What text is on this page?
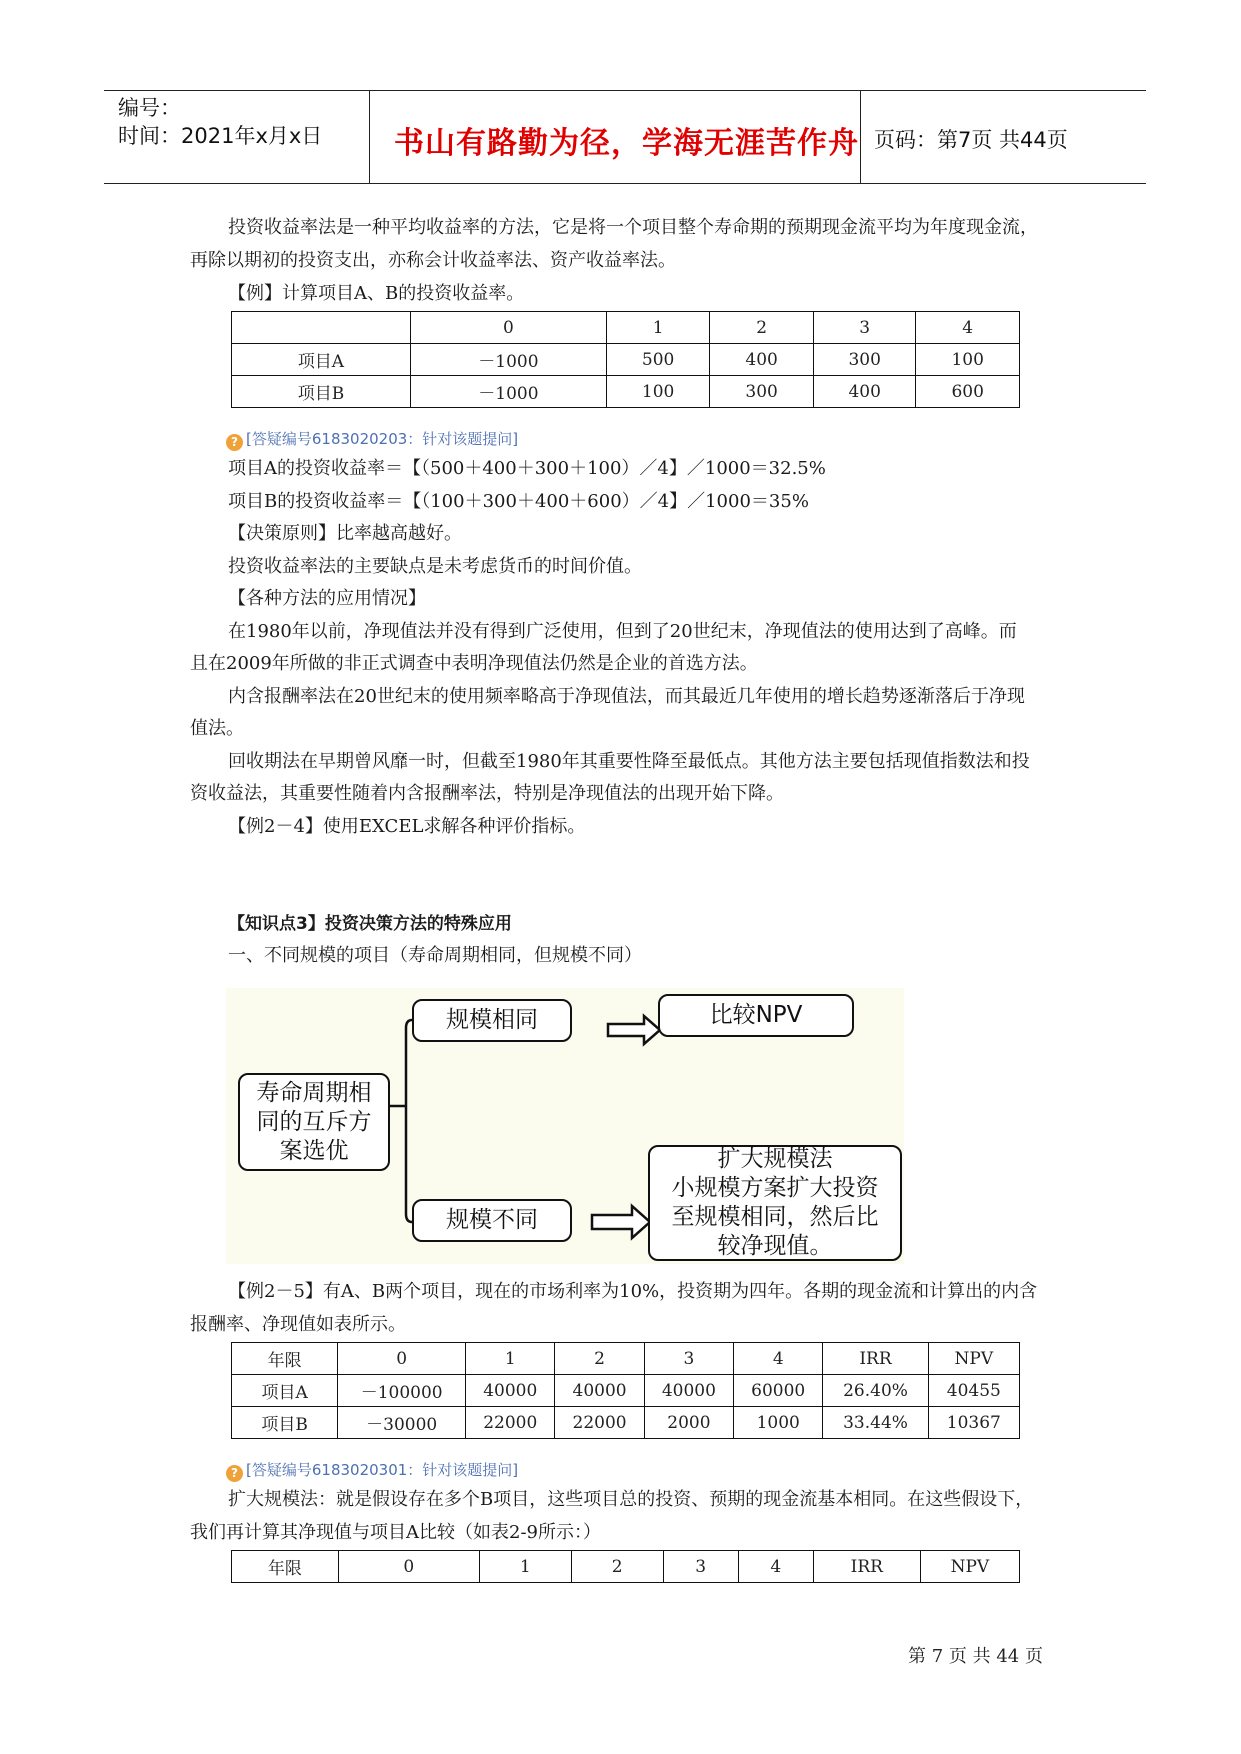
编号：
时间：2021年x月x日 书山有路勤为径，学海无涯苦作舟 页码：第7页 共44页
投资收益率法是一种平均收益率的方法，它是将一个项目整个寿命期的预期现金流平均为年度现金流，
再除以期初的投资支出，亦称会计收益率法、资产收益率法。
【例】计算项目A、B的投资收益率。
	0	1	2	3	4
项目A	－1000	500	400	300	100
项目B	－1000	100	300	400	600
? [答疑编号6183020203：针对该题提问]
项目A的投资收益率＝【（500＋400＋300＋100）／4】／1000＝32.5%
项目B的投资收益率＝【（100＋300＋400＋600）／4】／1000＝35%
【决策原则】比率越高越好。
投资收益率法的主要缺点是未考虑货币的时间价值。
【各种方法的应用情况】
在1980年以前，净现值法并没有得到广泛使用，但到了20世纪末，净现值法的使用达到了高峰。而
且在2009年所做的非正式调查中表明净现值法仍然是企业的首选方法。
内含报酬率法在20世纪末的使用频率略高于净现值法，而其最近几年使用的增长趋势逐渐落后于净现
值法。
回收期法在早期曾风靡一时，但截至1980年其重要性降至最低点。其他方法主要包括现值指数法和投
资收益法，其重要性随着内含报酬率法，特别是净现值法的出现开始下降。
【例2－4】使用EXCEL求解各种评价指标。
【知识点3】投资决策方法的特殊应用
一、不同规模的项目（寿命周期相同，但规模不同）
寿命周期相同的互斥方案选优
规模相同	比较NPV
规模不同
扩大规模法
小规模方案扩大投资至规模相同，然后比较净现值。
【例2－5】有A、B两个项目，现在的市场利率为10%，投资期为四年。各期的现金流和计算出的内含
报酬率、净现值如表所示。
年限	0	1	2	3	4	IRR	NPV
项目A	－100000	40000	40000	40000	60000	26.40%	40455
项目B	－30000	22000	22000	2000	1000	33.44%	10367
? [答疑编号6183020301：针对该题提问]
扩大规模法：就是假设存在多个B项目，这些项目总的投资、预期的现金流基本相同。在这些假设下，
我们再计算其净现值与项目A比较（如表2-9所示：）
年限	0	1	2	3	4	IRR	NPV
第 7 页 共 44 页
